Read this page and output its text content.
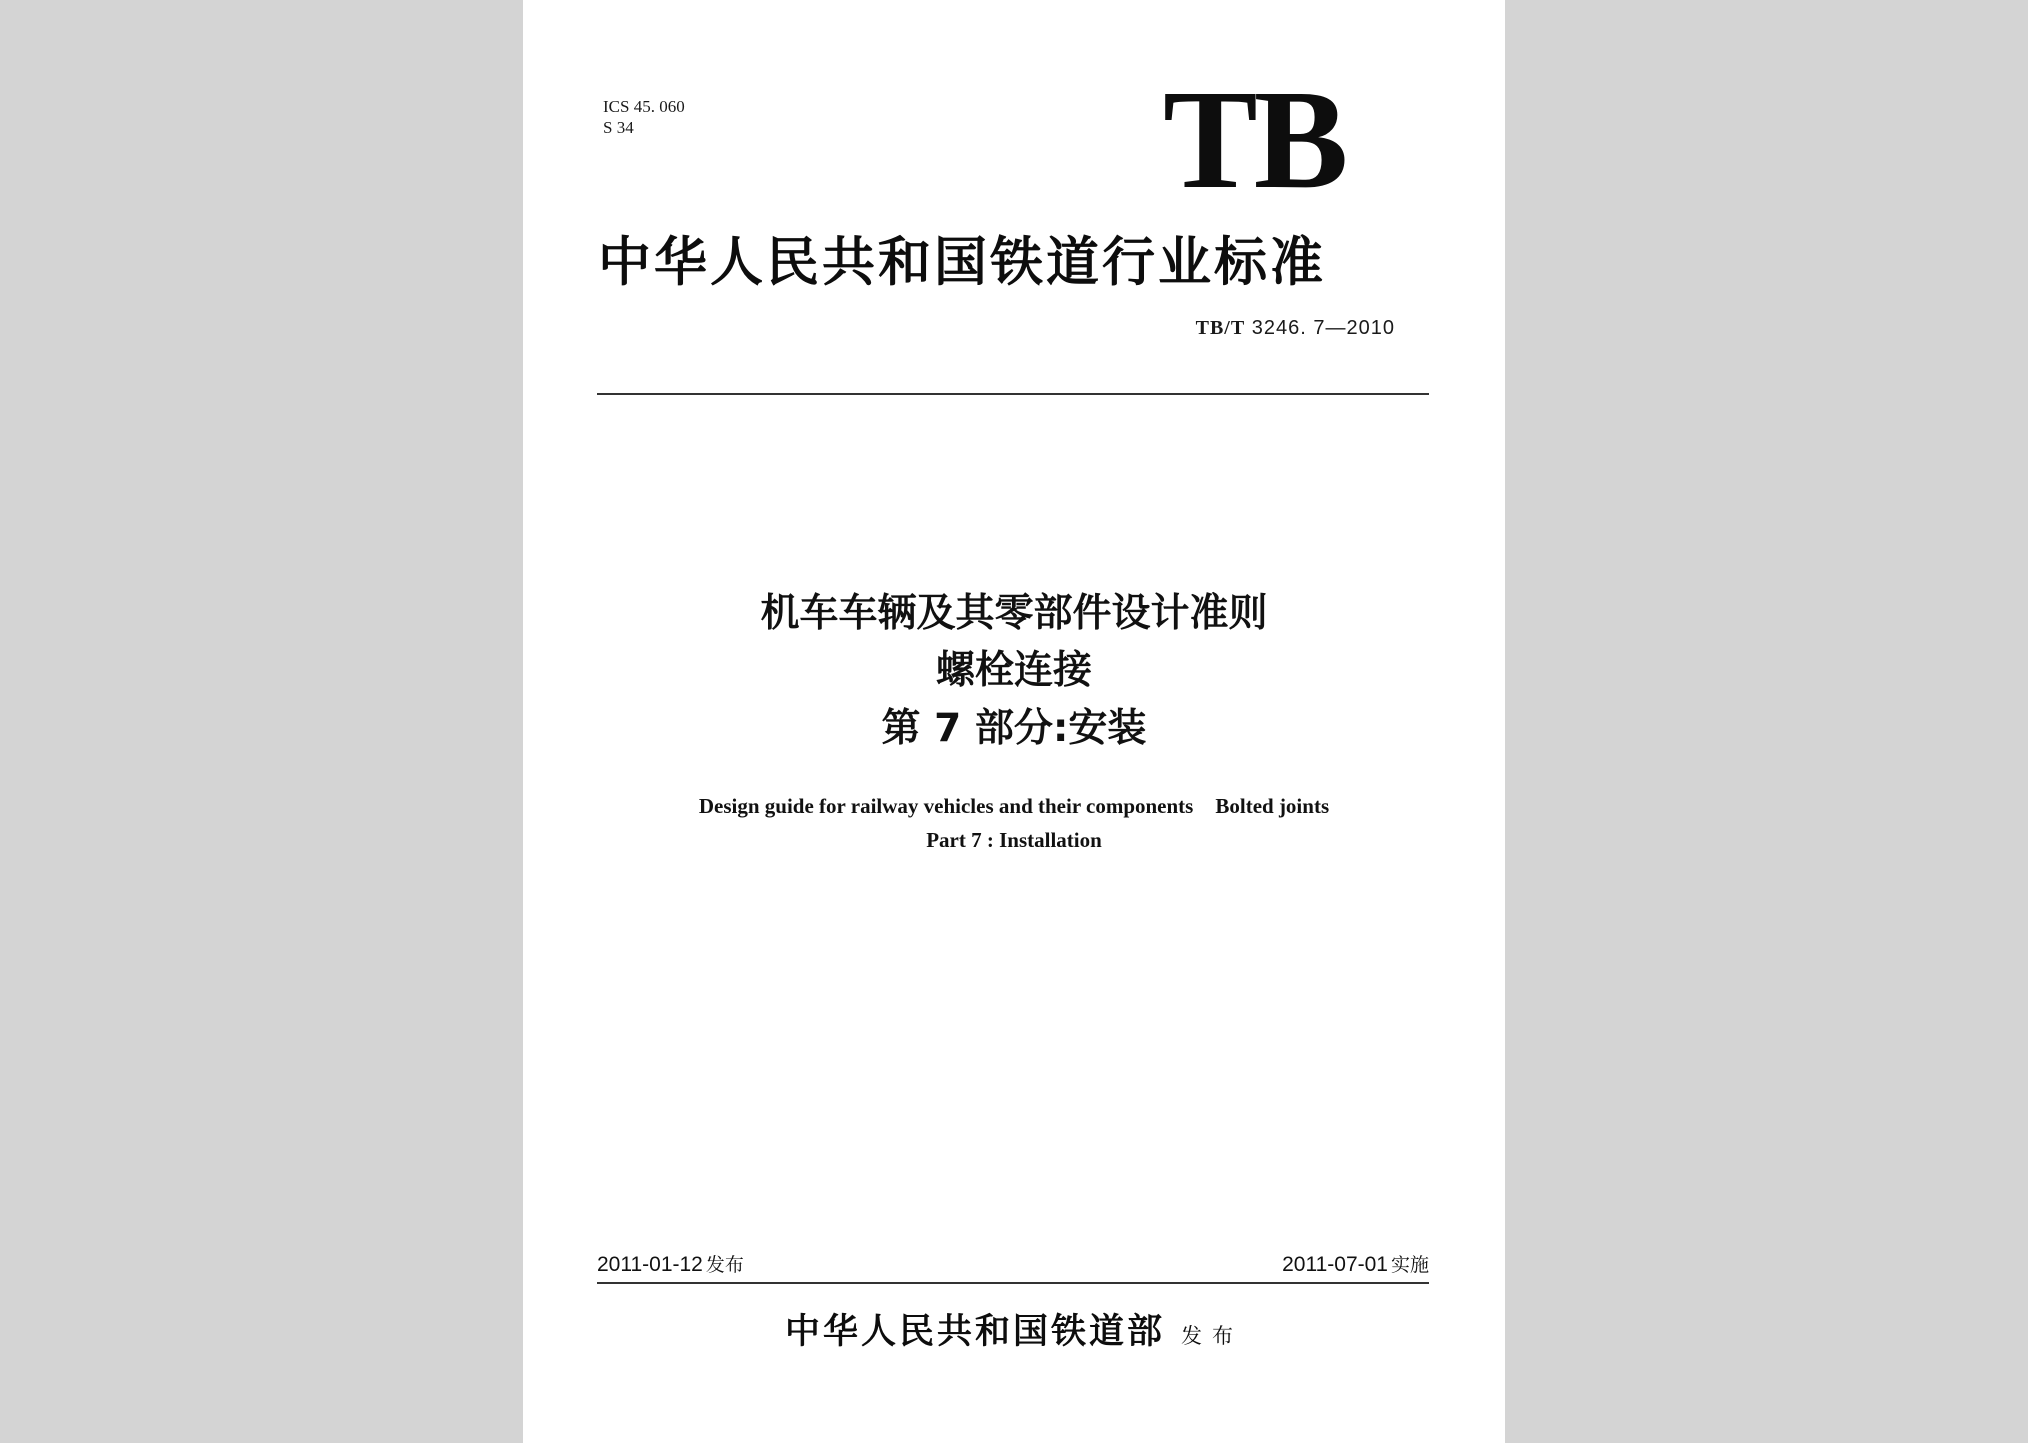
ICS 45. 060
S 34	TB
中华人民共和国铁道行业标准
TB/T 3246. 7—2010
机车车辆及其零部件设计准则
螺栓连接
第 7 部分:安装
Design guide for railway vehicles and their components Bolted joints
Part 7 : Installation
2011-01-12 发布	2011-07-01 实施
中华人民共和国铁道部 发布
